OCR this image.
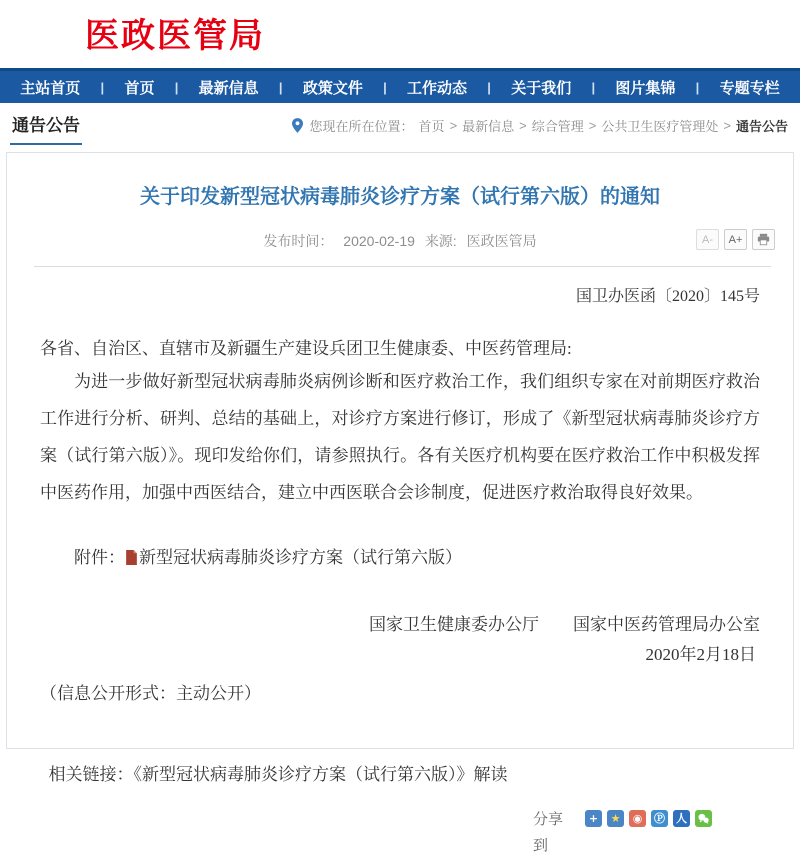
医政医管局
主站首页 | 首页 | 最新信息 | 政策文件 | 工作动态 | 关于我们 | 图片集锦 | 专题专栏
通告公告	您现在所在位置： 首页 > 最新信息 > 综合管理 > 公共卫生医疗管理处 > 通告公告
关于印发新型冠状病毒肺炎诊疗方案（试行第六版）的通知
发布时间： 2020-02-19 来源: 医政医管局	A-	A+
国卫办医函〔2020〕145号
各省、自治区、直辖市及新疆生产建设兵团卫生健康委、中医药管理局:

为进一步做好新型冠状病毒肺炎病例诊断和医疗救治工作，我们组织专家在对前期医疗救治工作进行分析、研判、总结的基础上，对诊疗方案进行修订，形成了《新型冠状病毒肺炎诊疗方案（试行第六版）》。现印发给你们，请参照执行。各有关医疗机构要在医疗救治工作中积极发挥中医药作用，加强中西医结合，建立中西医联合会诊制度，促进医疗救治取得良好效果。

附件： 新型冠状病毒肺炎诊疗方案（试行第六版）
国家卫生健康委办公厅 国家中医药管理局办公室
2020年2月18日
（信息公开形式：主动公开）
相关链接：《新型冠状病毒肺炎诊疗方案（试行第六版）》解读
分享到
+	★	◉	Ⓟ 人
